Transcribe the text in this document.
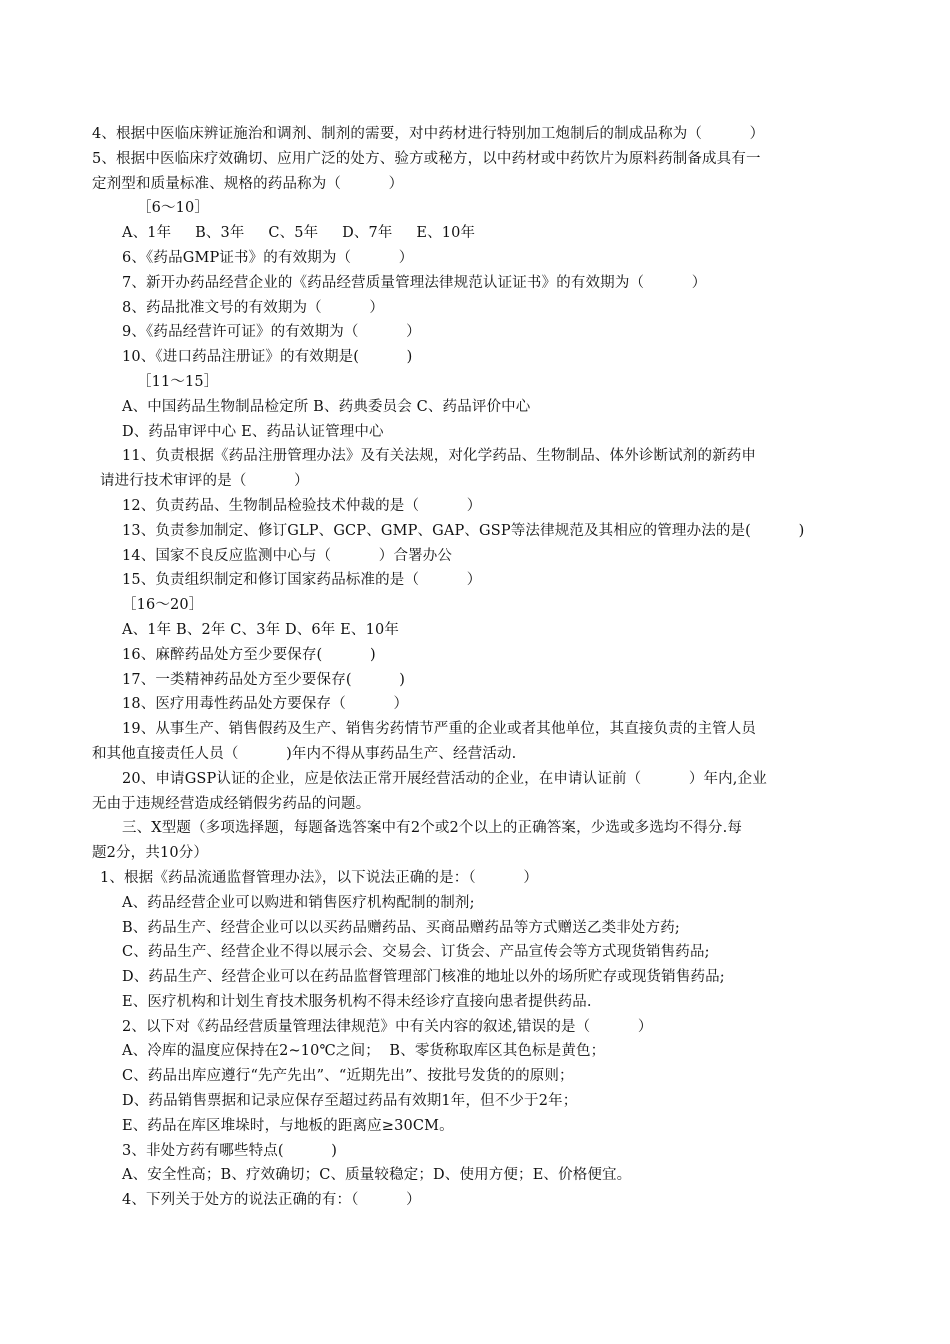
4、根据中医临床辨证施治和调剂、制剂的需要，对中药材进行特别加工炮制后的制成品称为（          ）
5、根据中医临床疗效确切、应用广泛的处方、验方或秘方，以中药材或中药饮片为原料药制备成具有一
定剂型和质量标准、规格的药品称为（          ）
［6～10］
A、1年     B、3年     C、5年     D、7年     E、10年
6、《药品GMP证书》的有效期为（          ）
7、新开办药品经营企业的《药品经营质量管理法律规范认证证书》的有效期为（          ）
8、药品批准文号的有效期为（          ）
9、《药品经营许可证》的有效期为（          ）
10、《进口药品注册证》的有效期是(          )
［11～15］
A、中国药品生物制品检定所 B、药典委员会 C、药品评价中心
D、药品审评中心 E、药品认证管理中心
11、负责根据《药品注册管理办法》及有关法规，对化学药品、生物制品、体外诊断试剂的新药申
请进行技术审评的是（          ）
12、负责药品、生物制品检验技术仲裁的是（          ）
13、负责参加制定、修订GLP、GCP、GMP、GAP、GSP等法律规范及其相应的管理办法的是(          )
14、国家不良反应监测中心与（          ）合署办公
15、负责组织制定和修订国家药品标准的是（          ）
［16～20］
A、1年 B、2年 C、3年 D、6年 E、10年
16、麻醉药品处方至少要保存(          )
17、一类精神药品处方至少要保存(          )
18、医疗用毒性药品处方要保存（          ）
19、从事生产、销售假药及生产、销售劣药情节严重的企业或者其他单位，其直接负责的主管人员
和其他直接责任人员（          )年内不得从事药品生产、经营活动.
20、申请GSP认证的企业，应是依法正常开展经营活动的企业，在申请认证前（          ）年内,企业
无由于违规经营造成经销假劣药品的问题。
三、X型题（多项选择题，每题备选答案中有2个或2个以上的正确答案，少选或多选均不得分.每
题2分，共10分）
1、根据《药品流通监督管理办法》，以下说法正确的是：（          ）
A、药品经营企业可以购进和销售医疗机构配制的制剂;
B、药品生产、经营企业可以以买药品赠药品、买商品赠药品等方式赠送乙类非处方药;
C、药品生产、经营企业不得以展示会、交易会、订货会、产品宣传会等方式现货销售药品;
D、药品生产、经营企业可以在药品监督管理部门核准的地址以外的场所贮存或现货销售药品;
E、医疗机构和计划生育技术服务机构不得未经诊疗直接向患者提供药品.
2、以下对《药品经营质量管理法律规范》中有关内容的叙述,错误的是（          ）
A、冷库的温度应保持在2~10℃之间；  B、零货称取库区其色标是黄色；
C、药品出库应遵行“先产先出”、“近期先出”、按批号发货的的原则；
D、药品销售票据和记录应保存至超过药品有效期1年，但不少于2年；
E、药品在库区堆垛时，与地板的距离应≥30CM。
3、非处方药有哪些特点(          )
A、安全性高；B、疗效确切；C、质量较稳定；D、使用方便；E、价格便宜。
4、下列关于处方的说法正确的有：（          ）
